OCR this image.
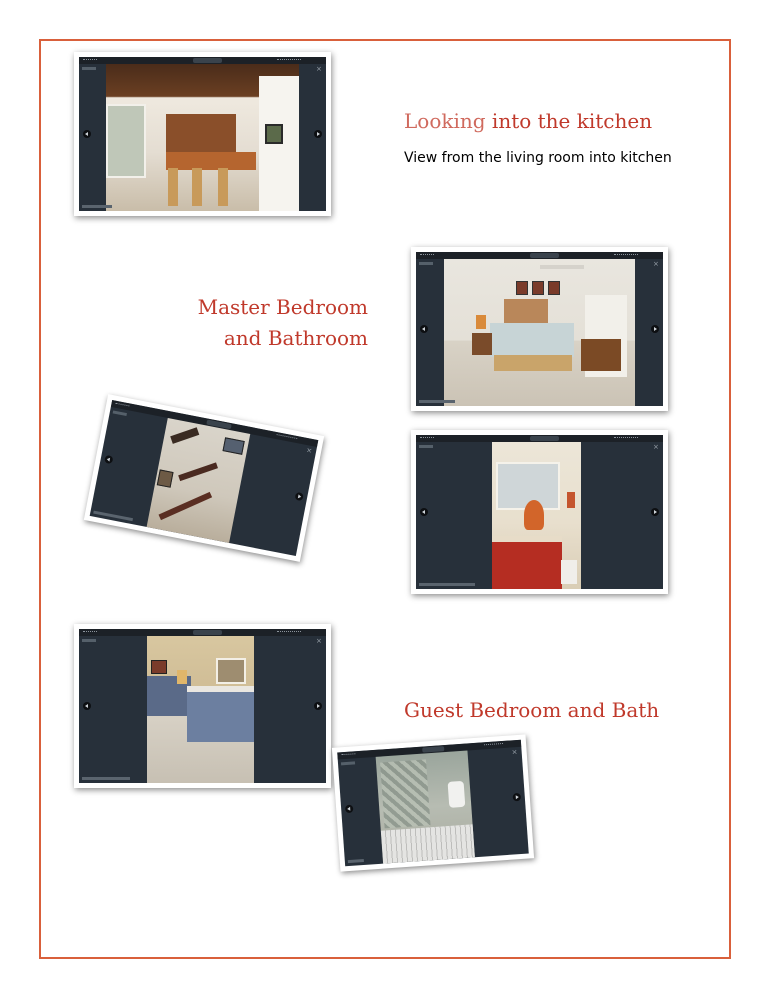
×
Looking into the kitchen

View from the living room into kitchen

×
Master Bedroom and Bathroom
×	×
×
Guest Bedroom and Bath
×
